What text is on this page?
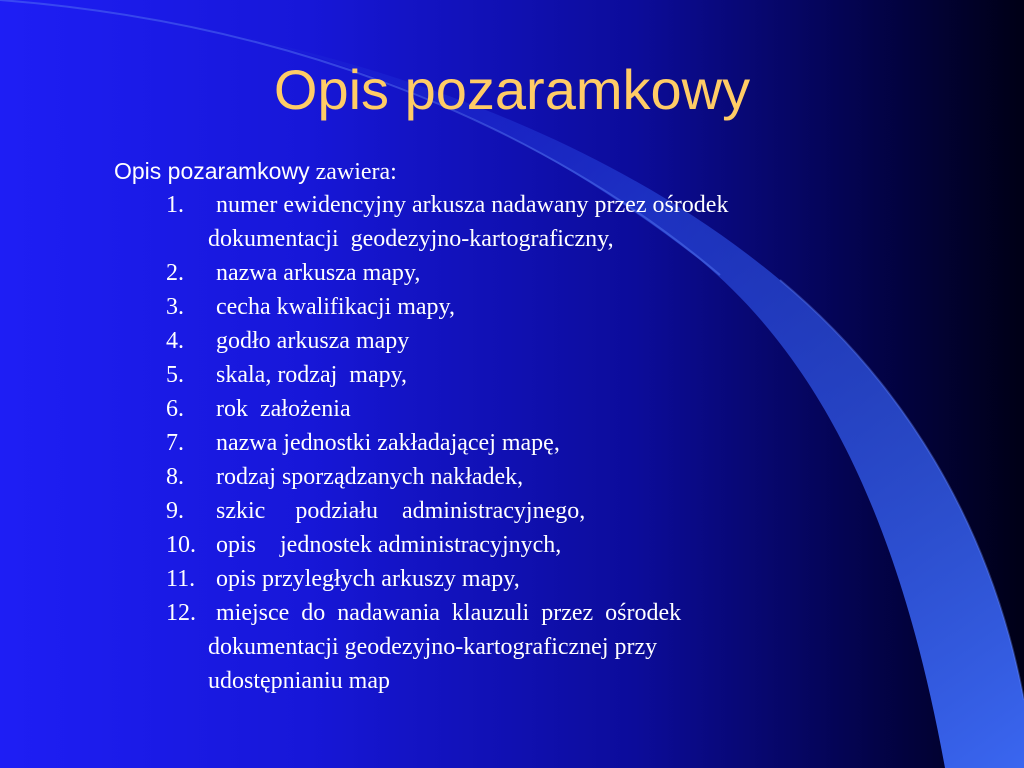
Opis pozaramkowy
Opis pozaramkowy zawiera:
1. numer ewidencyjny arkusza nadawany przez ośrodek
dokumentacji  geodezyjno-kartograficzny,
2. nazwa arkusza mapy,
3. cecha kwalifikacji mapy,
4. godło arkusza mapy
5. skala, rodzaj  mapy,
6. rok  założenia
7. nazwa jednostki zakładającej mapę,
8. rodzaj sporządzanych nakładek,
9. szkic     podziału    administracyjnego,
10. opis    jednostek administracyjnych,
11. opis przyległych arkuszy mapy,
12. miejsce  do  nadawania  klauzuli  przez  ośrodek
dokumentacji geodezyjno-kartograficznej przy
udostępnianiu map
